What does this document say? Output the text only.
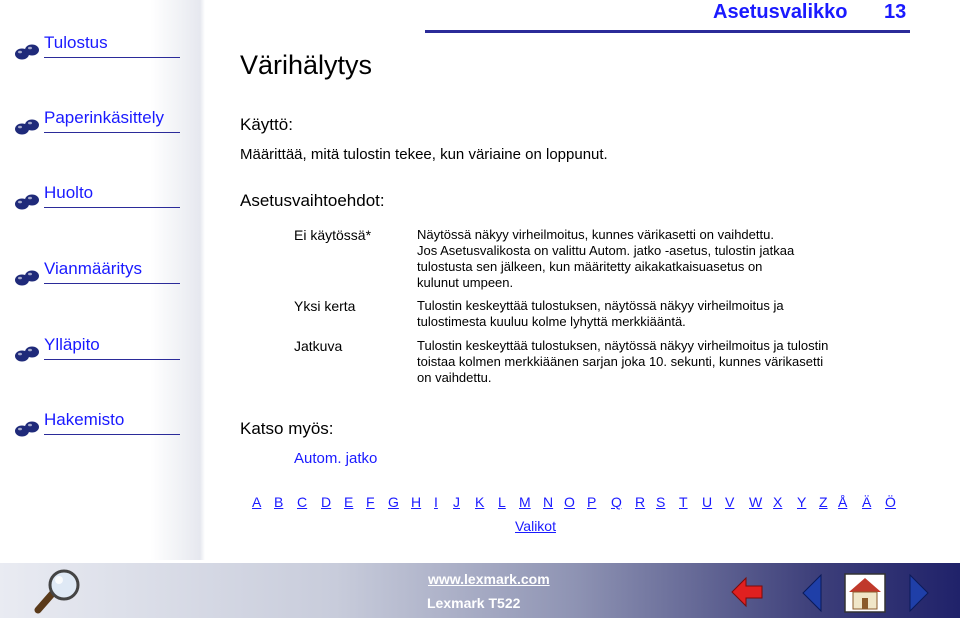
Tulostus
Paperinkäsittely
Huolto
Vianmääritys
Ylläpito
Hakemisto
Asetusvalikko 13
Värihälytys
Käyttö:
Määrittää, mitä tulostin tekee, kun väriaine on loppunut.
Asetusvaihtoehdot:
Ei käytössä*	Näytössä näkyy virheilmoitus, kunnes värikasetti on vaihdettu.
Jos Asetusvalikosta on valittu Autom. jatko -asetus, tulostin jatkaa
tulostusta sen jälkeen, kun määritetty aikakatkaisuasetus on
kulunut umpeen.
Yksi kerta	Tulostin keskeyttää tulostuksen, näytössä näkyy virheilmoitus ja
tulostimesta kuuluu kolme lyhyttä merkkiääntä.
Jatkuva	Tulostin keskeyttää tulostuksen, näytössä näkyy virheilmoitus ja tulostin
toistaa kolmen merkkiäänen sarjan joka 10. sekunti, kunnes värikasetti
on vaihdettu.
Katso myös:
Autom. jatko
A B C D E F G H I J K L M N O P Q R S T U V W X Y Z Å Ä Ö
Valikot
www.lexmark.com
Lexmark T522
